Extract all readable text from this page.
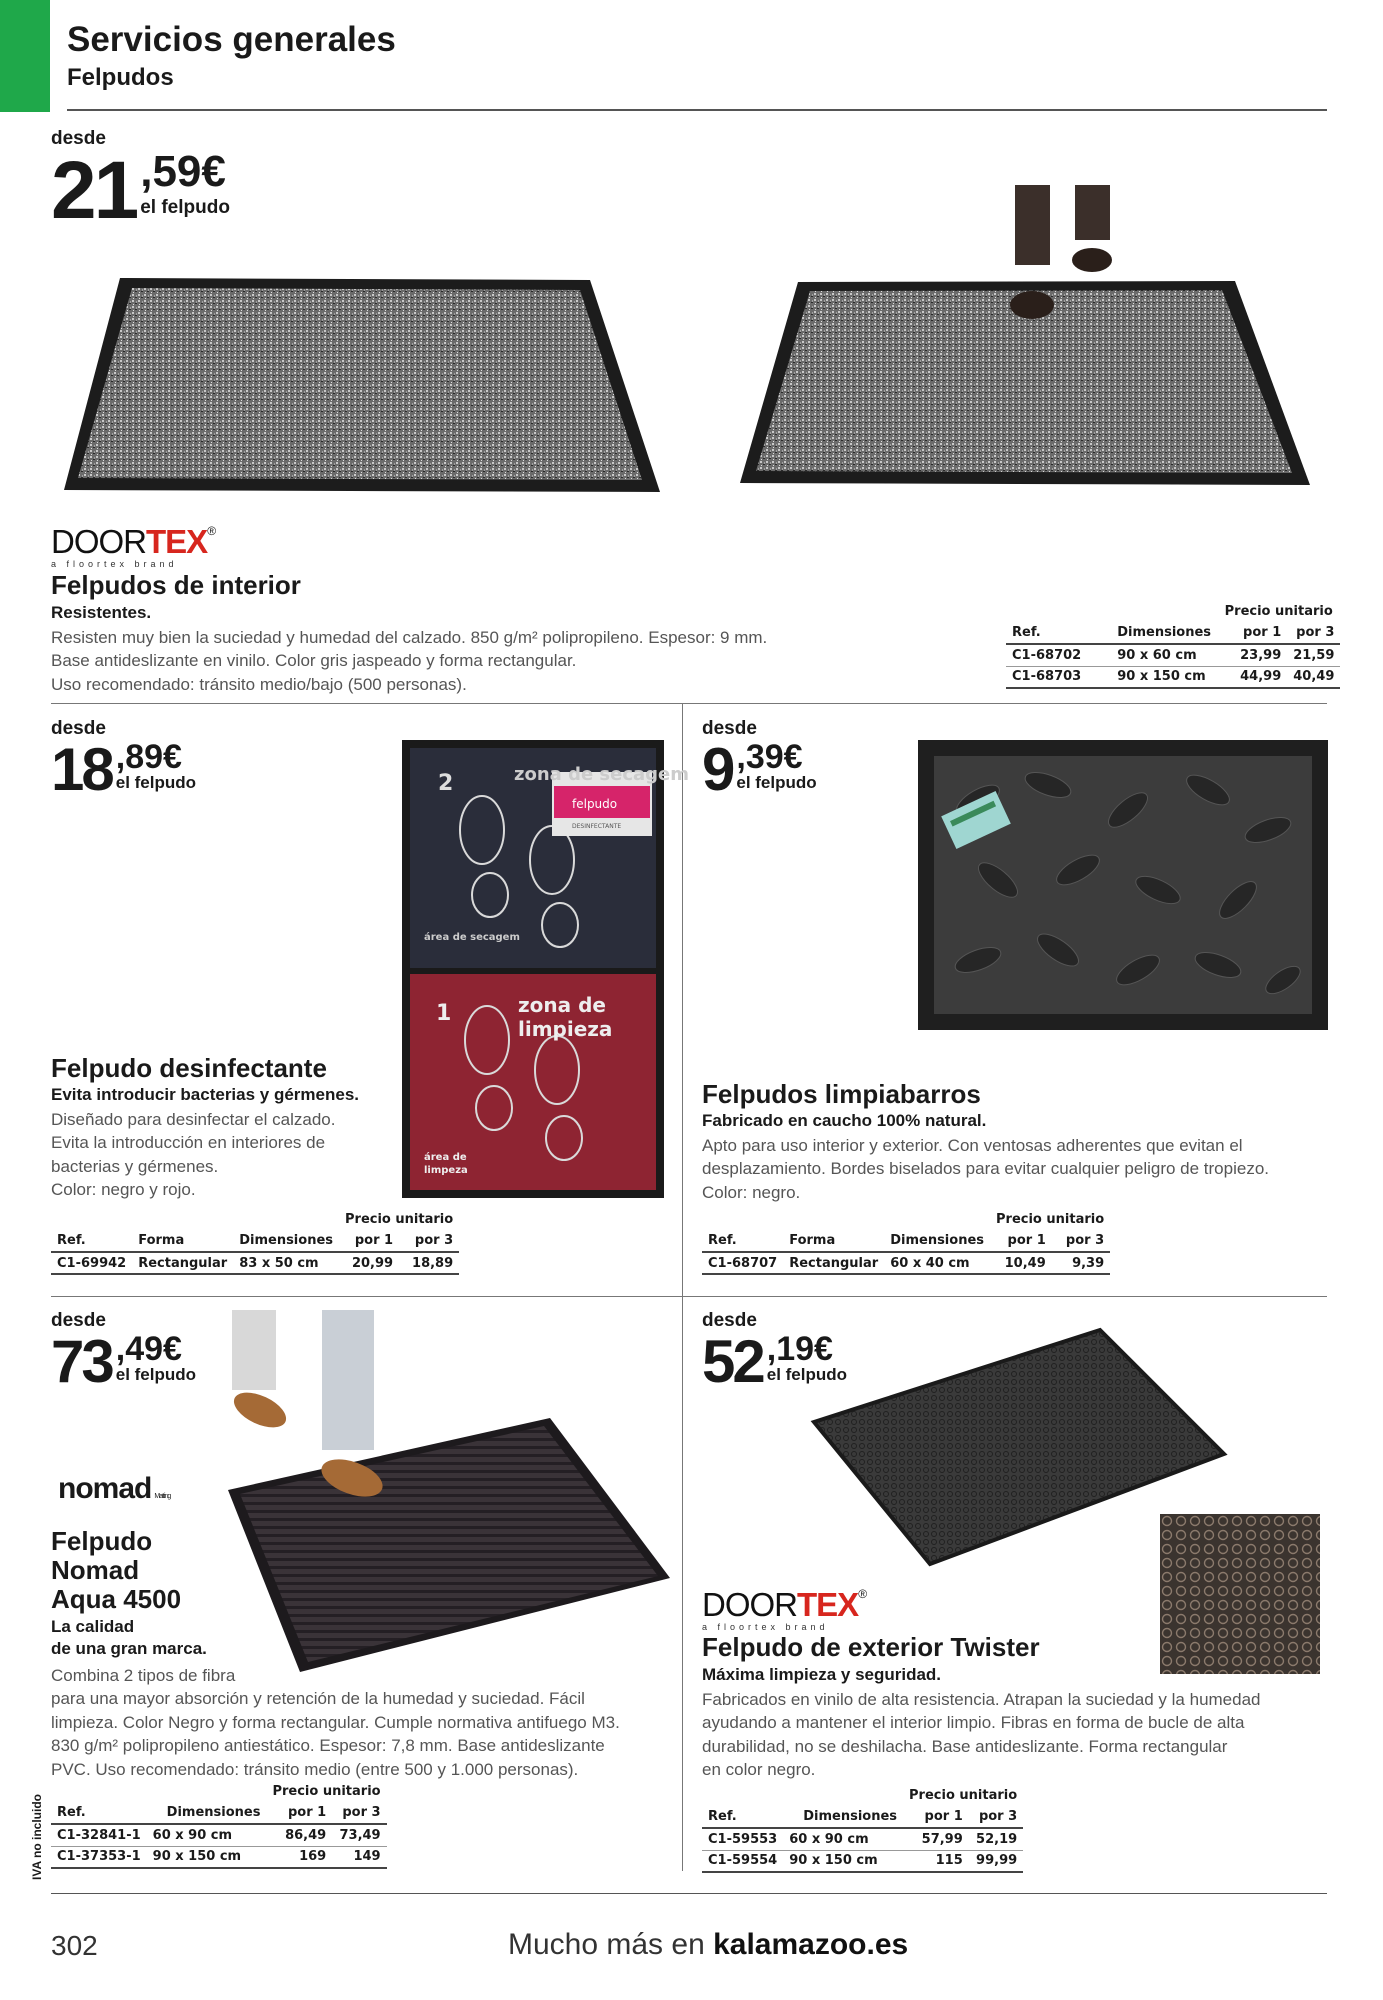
Servicios generales
Felpudos
desde
21 ,59€
el felpudo
DOORTEX®
a floortex brand
Felpudos de interior
Resistentes.
Resisten muy bien la suciedad y humedad del calzado. 850 g/m² polipropileno. Espesor: 9 mm.
Base antideslizante en vinilo. Color gris jaspeado y forma rectangular.
Uso recomendado: tránsito medio/bajo (500 personas).
		Precio unitario	
Ref.	Dimensiones	por 1	por 3
C1-68702	90 x 60 cm	23,99	21,59
C1-68703	90 x 150 cm	44,99	40,49
desde
18 ,89€
el felpudo
felpudo
DESINFECTANTE
2	zona de secagem
área de secagem
1	zona de
limpieza
área de
limpeza
Felpudo desinfectante
Evita introducir bacterias y gérmenes.
Diseñado para desinfectar el calzado.
Evita la introducción en interiores de
bacterias y gérmenes.
Color: negro y rojo.
			Precio unitario	
Ref.	Forma	Dimensiones	por 1	por 3
C1-69942	Rectangular	83 x 50 cm	20,99	18,89
desde
9 ,39€
el felpudo
Felpudos limpiabarros
Fabricado en caucho 100% natural.
Apto para uso interior y exterior. Con ventosas adherentes que evitan el
desplazamiento. Bordes biselados para evitar cualquier peligro de tropiezo.
Color: negro.
			Precio unitario	
Ref.	Forma	Dimensiones	por 1	por 3
C1-68707	Rectangular	60 x 40 cm	10,49	9,39
desde
73 ,49€
el felpudo
nomad Matting
Felpudo
Nomad
Aqua 4500
La calidad
de una gran marca.
Combina 2 tipos de fibra
para una mayor absorción y retención de la humedad y suciedad. Fácil
limpieza. Color Negro y forma rectangular. Cumple normativa antifuego M3.
830 g/m² polipropileno antiestático. Espesor: 7,8 mm. Base antideslizante
PVC. Uso recomendado: tránsito medio (entre 500 y 1.000 personas).
		Precio unitario	
Ref.	Dimensiones	por 1	por 3
C1-32841-1	60 x 90 cm	86,49	73,49
C1-37353-1	90 x 150 cm	169	149
desde
52 ,19€
el felpudo
DOORTEX®
a floortex brand
Felpudo de exterior Twister
Máxima limpieza y seguridad.
Fabricados en vinilo de alta resistencia. Atrapan la suciedad y la humedad
ayudando a mantener el interior limpio. Fibras en forma de bucle de alta
durabilidad, no se deshilacha. Base antideslizante. Forma rectangular
en color negro.
		Precio unitario	
Ref.	Dimensiones	por 1	por 3
C1-59553	60 x 90 cm	57,99	52,19
C1-59554	90 x 150 cm	115	99,99
IVA no incluido
302	Mucho más en kalamazoo.es
